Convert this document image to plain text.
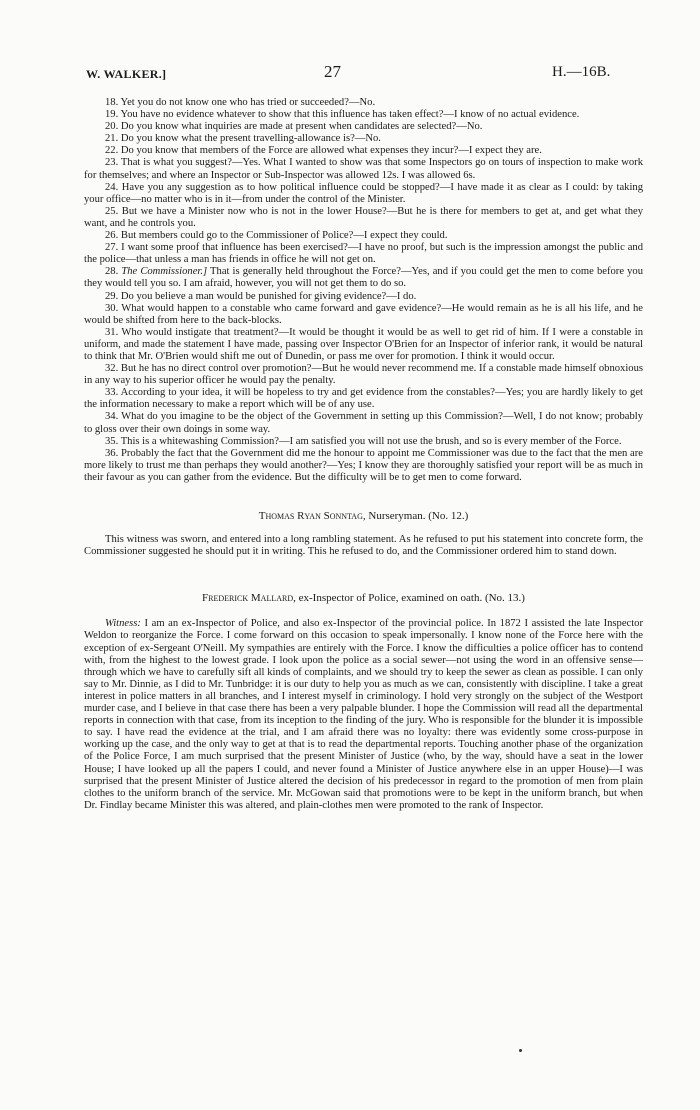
W. WALKER.]	27	H.—16B.

18. Yet you do not know one who has tried or succeeded?—No.

19. You have no evidence whatever to show that this influence has taken effect?—I know of no actual evidence.

20. Do you know what inquiries are made at present when candidates are selected?—No.

21. Do you know what the present travelling-allowance is?—No.

22. Do you know that members of the Force are allowed what expenses they incur?—I expect they are.

23. That is what you suggest?—Yes. What I wanted to show was that some Inspectors go on tours of inspection to make work for themselves; and where an Inspector or Sub-Inspector was allowed 12s. I was allowed 6s.

24. Have you any suggestion as to how political influence could be stopped?—I have made it as clear as I could: by taking your office—no matter who is in it—from under the control of the Minister.

25. But we have a Minister now who is not in the lower House?—But he is there for members to get at, and get what they want, and he controls you.

26. But members could go to the Commissioner of Police?—I expect they could.

27. I want some proof that influence has been exercised?—I have no proof, but such is the impression amongst the public and the police—that unless a man has friends in office he will not get on.

28. The Commissioner.] That is generally held throughout the Force?—Yes, and if you could get the men to come before you they would tell you so. I am afraid, however, you will not get them to do so.

29. Do you believe a man would be punished for giving evidence?—I do.

30. What would happen to a constable who came forward and gave evidence?—He would remain as he is all his life, and he would be shifted from here to the back-blocks.

31. Who would instigate that treatment?—It would be thought it would be as well to get rid of him. If I were a constable in uniform, and made the statement I have made, passing over Inspector O'Brien for an Inspector of inferior rank, it would be natural to think that Mr. O'Brien would shift me out of Dunedin, or pass me over for promotion. I think it would occur.

32. But he has no direct control over promotion?—But he would never recommend me. If a constable made himself obnoxious in any way to his superior officer he would pay the penalty.

33. According to your idea, it will be hopeless to try and get evidence from the constables?—Yes; you are hardly likely to get the information necessary to make a report which will be of any use.

34. What do you imagine to be the object of the Government in setting up this Commission?—Well, I do not know; probably to gloss over their own doings in some way.

35. This is a whitewashing Commission?—I am satisfied you will not use the brush, and so is every member of the Force.

36. Probably the fact that the Government did me the honour to appoint me Commissioner was due to the fact that the men are more likely to trust me than perhaps they would another?—Yes; I know they are thoroughly satisfied your report will be as much in their favour as you can gather from the evidence. But the difficulty will be to get men to come forward.

Thomas Ryan Sonntag, Nurseryman. (No. 12.)

This witness was sworn, and entered into a long rambling statement. As he refused to put his statement into concrete form, the Commissioner suggested he should put it in writing. This he refused to do, and the Commissioner ordered him to stand down.

Frederick Mallard, ex-Inspector of Police, examined on oath. (No. 13.)

Witness: I am an ex-Inspector of Police, and also ex-Inspector of the provincial police. In 1872 I assisted the late Inspector Weldon to reorganize the Force. I come forward on this occasion to speak impersonally. I know none of the Force here with the exception of ex-Sergeant O'Neill. My sympathies are entirely with the Force. I know the difficulties a police officer has to contend with, from the highest to the lowest grade. I look upon the police as a social sewer—not using the word in an offensive sense—through which we have to carefully sift all kinds of complaints, and we should try to keep the sewer as clean as possible. I can only say to Mr. Dinnie, as I did to Mr. Tunbridge: it is our duty to help you as much as we can, consistently with discipline. I take a great interest in police matters in all branches, and I interest myself in criminology. I hold very strongly on the subject of the Westport murder case, and I believe in that case there has been a very palpable blunder. I hope the Commission will read all the departmental reports in connection with that case, from its inception to the finding of the jury. Who is responsible for the blunder it is impossible to say. I have read the evidence at the trial, and I am afraid there was no loyalty: there was evidently some cross-purpose in working up the case, and the only way to get at that is to read the departmental reports. Touching another phase of the organization of the Police Force, I am much surprised that the present Minister of Justice (who, by the way, should have a seat in the lower House; I have looked up all the papers I could, and never found a Minister of Justice anywhere else in an upper House)—I was surprised that the present Minister of Justice altered the decision of his predecessor in regard to the promotion of men from plain clothes to the uniform branch of the service. Mr. McGowan said that promotions were to be kept in the uniform branch, but when Dr. Findlay became Minister this was altered, and plain-clothes men were promoted to the rank of Inspector.
